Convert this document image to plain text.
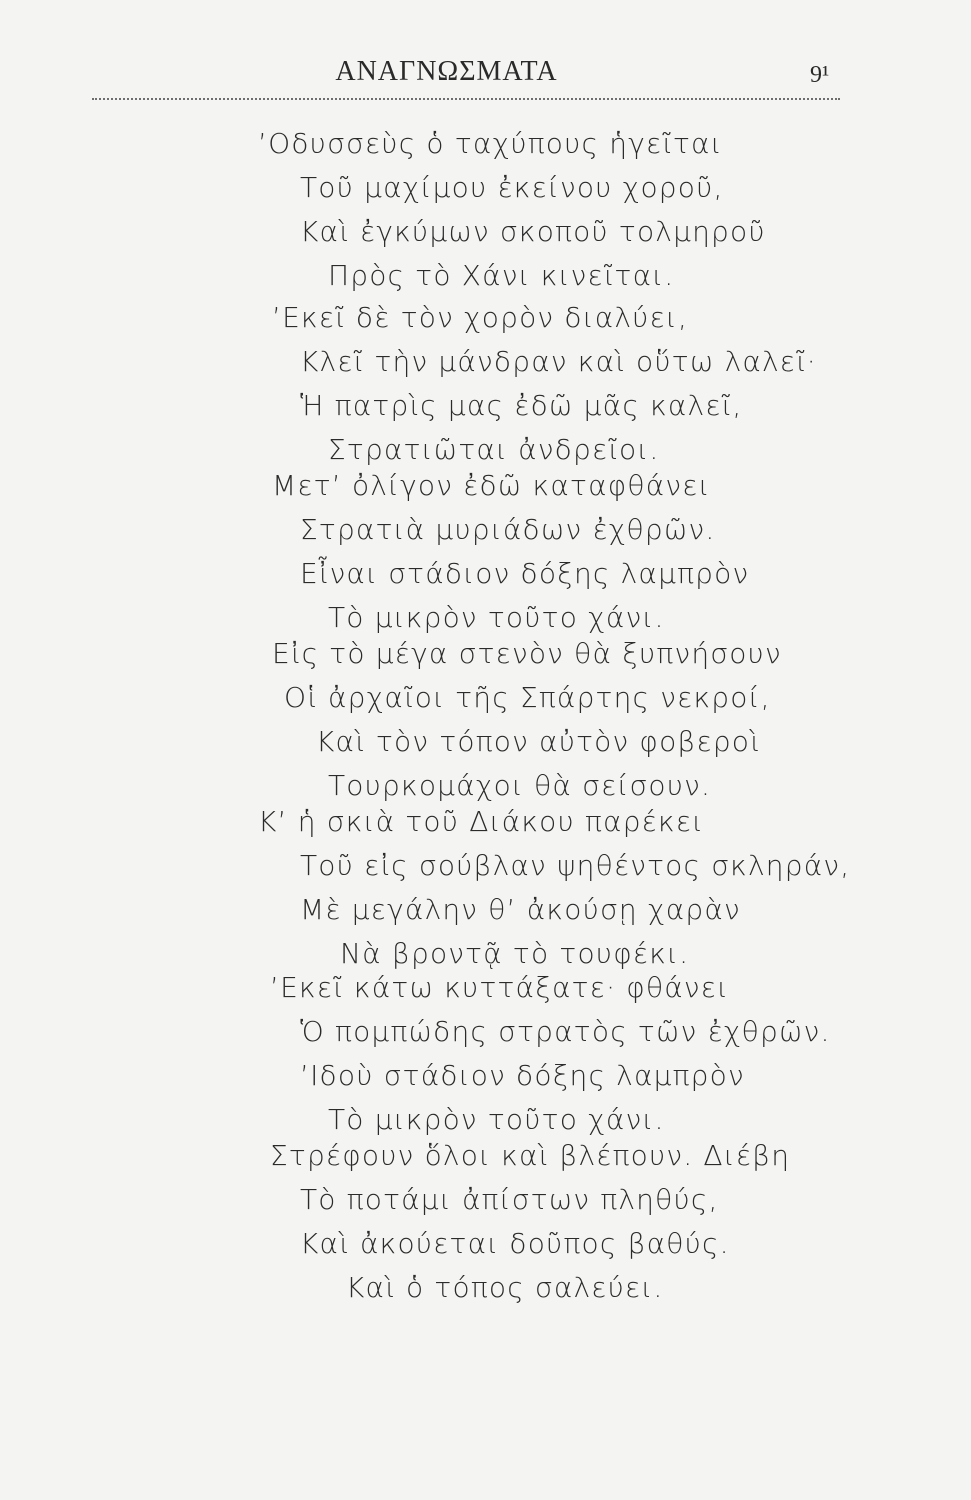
ΑΝΑΓΝΩΣΜΑΤΑ	9¹
’Οδυσσεὺς ὁ ταχύπους ἡγεῖται
Τοῦ μαχίμου ἐκείνου χοροῦ,
Καὶ ἐγκύμων σκοποῦ τολμηροῦ
Πρὸς τὸ Χάνι κινεῖται.
’Εκεῖ δὲ τὸν χορὸν διαλύει,
Κλεῖ τὴν μάνδραν καὶ οὕτω λαλεῖ·
Ἡ πατρὶς μας ἐδῶ μᾶς καλεῖ,
Στρατιῶται ἀνδρεῖοι.
Μετ’ ὀλίγον ἐδῶ καταφθάνει
Στρατιὰ μυριάδων ἐχθρῶν.
Εἶναι στάδιον δόξης λαμπρὸν
Τὸ μικρὸν τοῦτο χάνι.
Εἰς τὸ μέγα στενὸν θὰ ξυπνήσουν
Οἱ ἀρχαῖοι τῆς Σπάρτης νεκροί,
Καὶ τὸν τόπον αὐτὸν φοβεροὶ
Τουρκομάχοι θὰ σείσουν.
Κ’ ἡ σκιὰ τοῦ Διάκου παρέκει
Τοῦ εἰς σούβλαν ψηθέντος σκληράν,
Μὲ μεγάλην θ’ ἀκούσῃ χαρὰν
Νὰ βροντᾷ τὸ τουφέκι.
’Εκεῖ κάτω κυττάξατε· φθάνει
Ὁ πομπώδης στρατὸς τῶν ἐχθρῶν.
’Ιδοὺ στάδιον δόξης λαμπρὸν
Τὸ μικρὸν τοῦτο χάνι.
Στρέφουν ὅλοι καὶ βλέπουν. Διέβη
Τὸ ποτάμι ἀπίστων πληθύς,
Καὶ ἀκούεται δοῦπος βαθύς.
Καὶ ὁ τόπος σαλεύει.
